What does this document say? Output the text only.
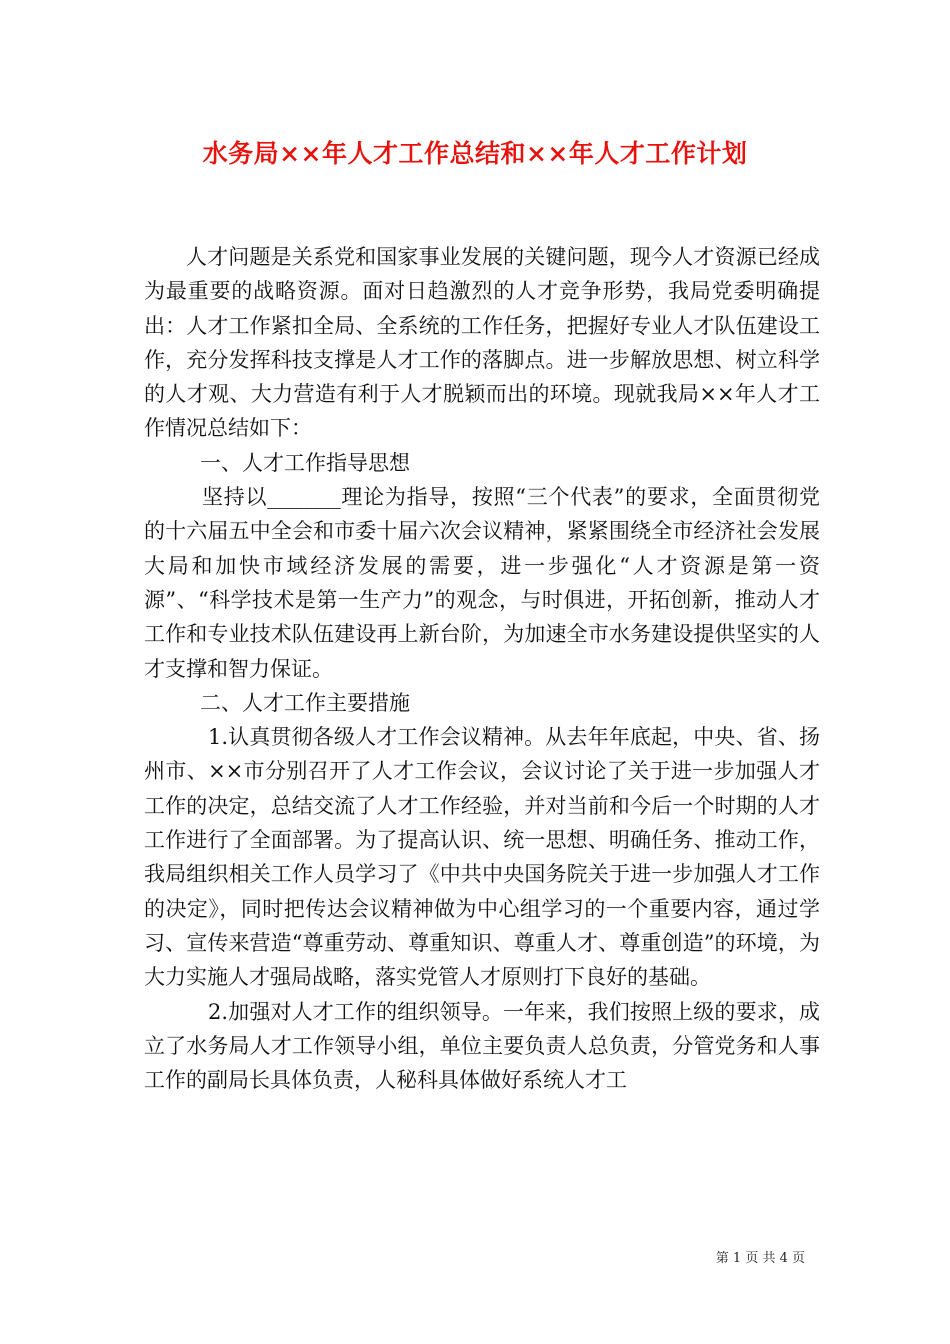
水务局××年人才工作总结和××年人才工作计划

人才问题是关系党和国家事业发展的关键问题，现今人才资源已经成为最重要的战略资源。面对日趋激烈的人才竞争形势，我局党委明确提出：人才工作紧扣全局、全系统的工作任务，把握好专业人才队伍建设工作，充分发挥科技支撑是人才工作的落脚点。进一步解放思想、树立科学的人才观、大力营造有利于人才脱颖而出的环境。现就我局××年人才工作情况总结如下：

一、人才工作指导思想

坚持以_______理论为指导，按照“三个代表”的要求，全面贯彻党的十六届五中全会和市委十届六次会议精神，紧紧围绕全市经济社会发展大局和加快市域经济发展的需要，进一步强化“人才资源是第一资源”、“科学技术是第一生产力”的观念，与时俱进，开拓创新，推动人才工作和专业技术队伍建设再上新台阶，为加速全市水务建设提供坚实的人才支撑和智力保证。

二、人才工作主要措施

1.认真贯彻各级人才工作会议精神。从去年年底起，中央、省、扬州市、××市分别召开了人才工作会议，会议讨论了关于进一步加强人才工作的决定，总结交流了人才工作经验，并对当前和今后一个时期的人才工作进行了全面部署。为了提高认识、统一思想、明确任务、推动工作，我局组织相关工作人员学习了《中共中央国务院关于进一步加强人才工作的决定》，同时把传达会议精神做为中心组学习的一个重要内容，通过学习、宣传来营造“尊重劳动、尊重知识、尊重人才、尊重创造”的环境，为大力实施人才强局战略，落实党管人才原则打下良好的基础。

2.加强对人才工作的组织领导。一年来，我们按照上级的要求，成立了水务局人才工作领导小组，单位主要负责人总负责，分管党务和人事工作的副局长具体负责，人秘科具体做好系统人才工

第 1 页 共 4 页
